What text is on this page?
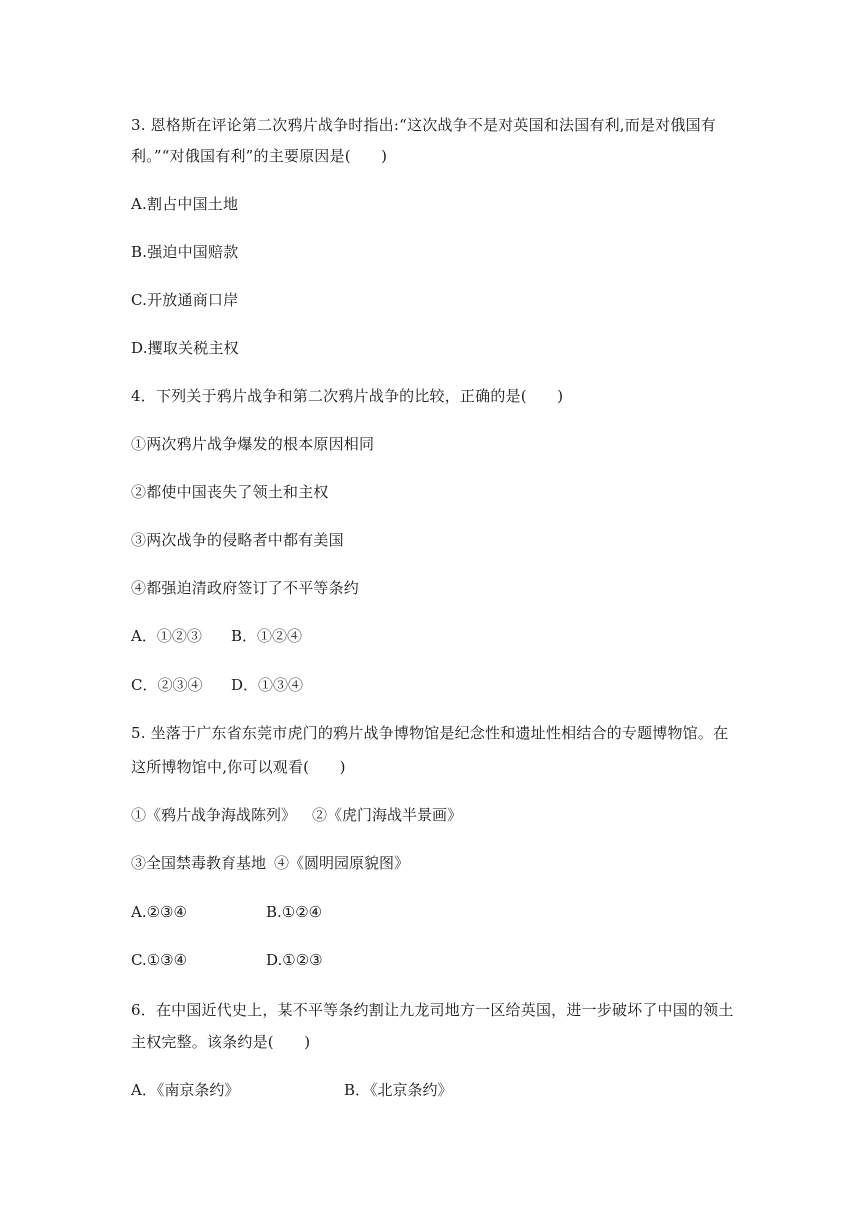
3. 恩格斯在评论第二次鸦片战争时指出:“这次战争不是对英国和法国有利,而是对俄国有
利。”“对俄国有利”的主要原因是(　　)
A.割占中国土地
B.强迫中国赔款
C.开放通商口岸
D.攫取关税主权
4．下列关于鸦片战争和第二次鸦片战争的比较，正确的是(　　)
①两次鸦片战争爆发的根本原因相同
②都使中国丧失了领土和主权
③两次战争的侵略者中都有美国
④都强迫清政府签订了不平等条约
A．①②③ B．①②④
C．②③④ D．①③④
5. 坐落于广东省东莞市虎门的鸦片战争博物馆是纪念性和遗址性相结合的专题博物馆。在
这所博物馆中,你可以观看(　　)
①《鸦片战争海战陈列》 ②《虎门海战半景画》
③全国禁毒教育基地 ④《圆明园原貌图》
A.②③④	B.①②④
C.①③④	D.①②③
6．在中国近代史上，某不平等条约割让九龙司地方一区给英国，进一步破坏了中国的领土
主权完整。该条约是(　　)
A．《南京条约》	B．《北京条约》
